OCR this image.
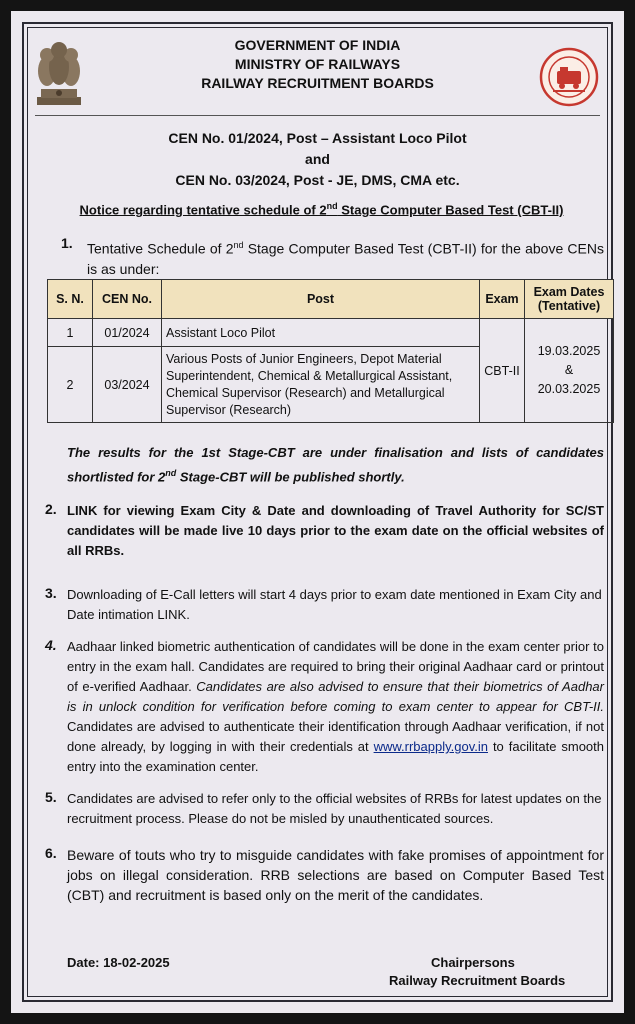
GOVERNMENT OF INDIA
MINISTRY OF RAILWAYS
RAILWAY RECRUITMENT BOARDS
CEN No. 01/2024, Post – Assistant Loco Pilot
and
CEN No. 03/2024, Post - JE, DMS, CMA etc.
Notice regarding tentative schedule of 2nd Stage Computer Based Test (CBT-II)
1. Tentative Schedule of 2nd Stage Computer Based Test (CBT-II) for the above CENs is as under:
S. N.	CEN No.	Post	Exam	Exam Dates (Tentative)
1	01/2024	Assistant Loco Pilot	CBT-II	19.03.2025
&
20.03.2025

2	03/2024	Various Posts of Junior Engineers, Depot Material Superintendent, Chemical & Metallurgical Assistant, Chemical Supervisor (Research) and Metallurgical Supervisor (Research)		
The results for the 1st Stage-CBT are under finalisation and lists of candidates shortlisted for 2nd Stage-CBT will be published shortly.
2. LINK for viewing Exam City & Date and downloading of Travel Authority for SC/ST candidates will be made live 10 days prior to the exam date on the official websites of all RRBs.
3. Downloading of E-Call letters will start 4 days prior to exam date mentioned in Exam City and Date intimation LINK.
4. Aadhaar linked biometric authentication of candidates will be done in the exam center prior to entry in the exam hall. Candidates are required to bring their original Aadhaar card or printout of e-verified Aadhaar. Candidates are also advised to ensure that their biometrics of Aadhar is in unlock condition for verification before coming to exam center to appear for CBT-II. Candidates are advised to authenticate their identification through Aadhaar verification, if not done already, by logging in with their credentials at www.rrbapply.gov.in to facilitate smooth entry into the examination center.
5. Candidates are advised to refer only to the official websites of RRBs for latest updates on the recruitment process. Please do not be misled by unauthenticated sources.
6. Beware of touts who try to misguide candidates with fake promises of appointment for jobs on illegal consideration. RRB selections are based on Computer Based Test (CBT) and recruitment is based only on the merit of the candidates.
Date: 18-02-2025	Chairpersons
Railway Recruitment Boards
